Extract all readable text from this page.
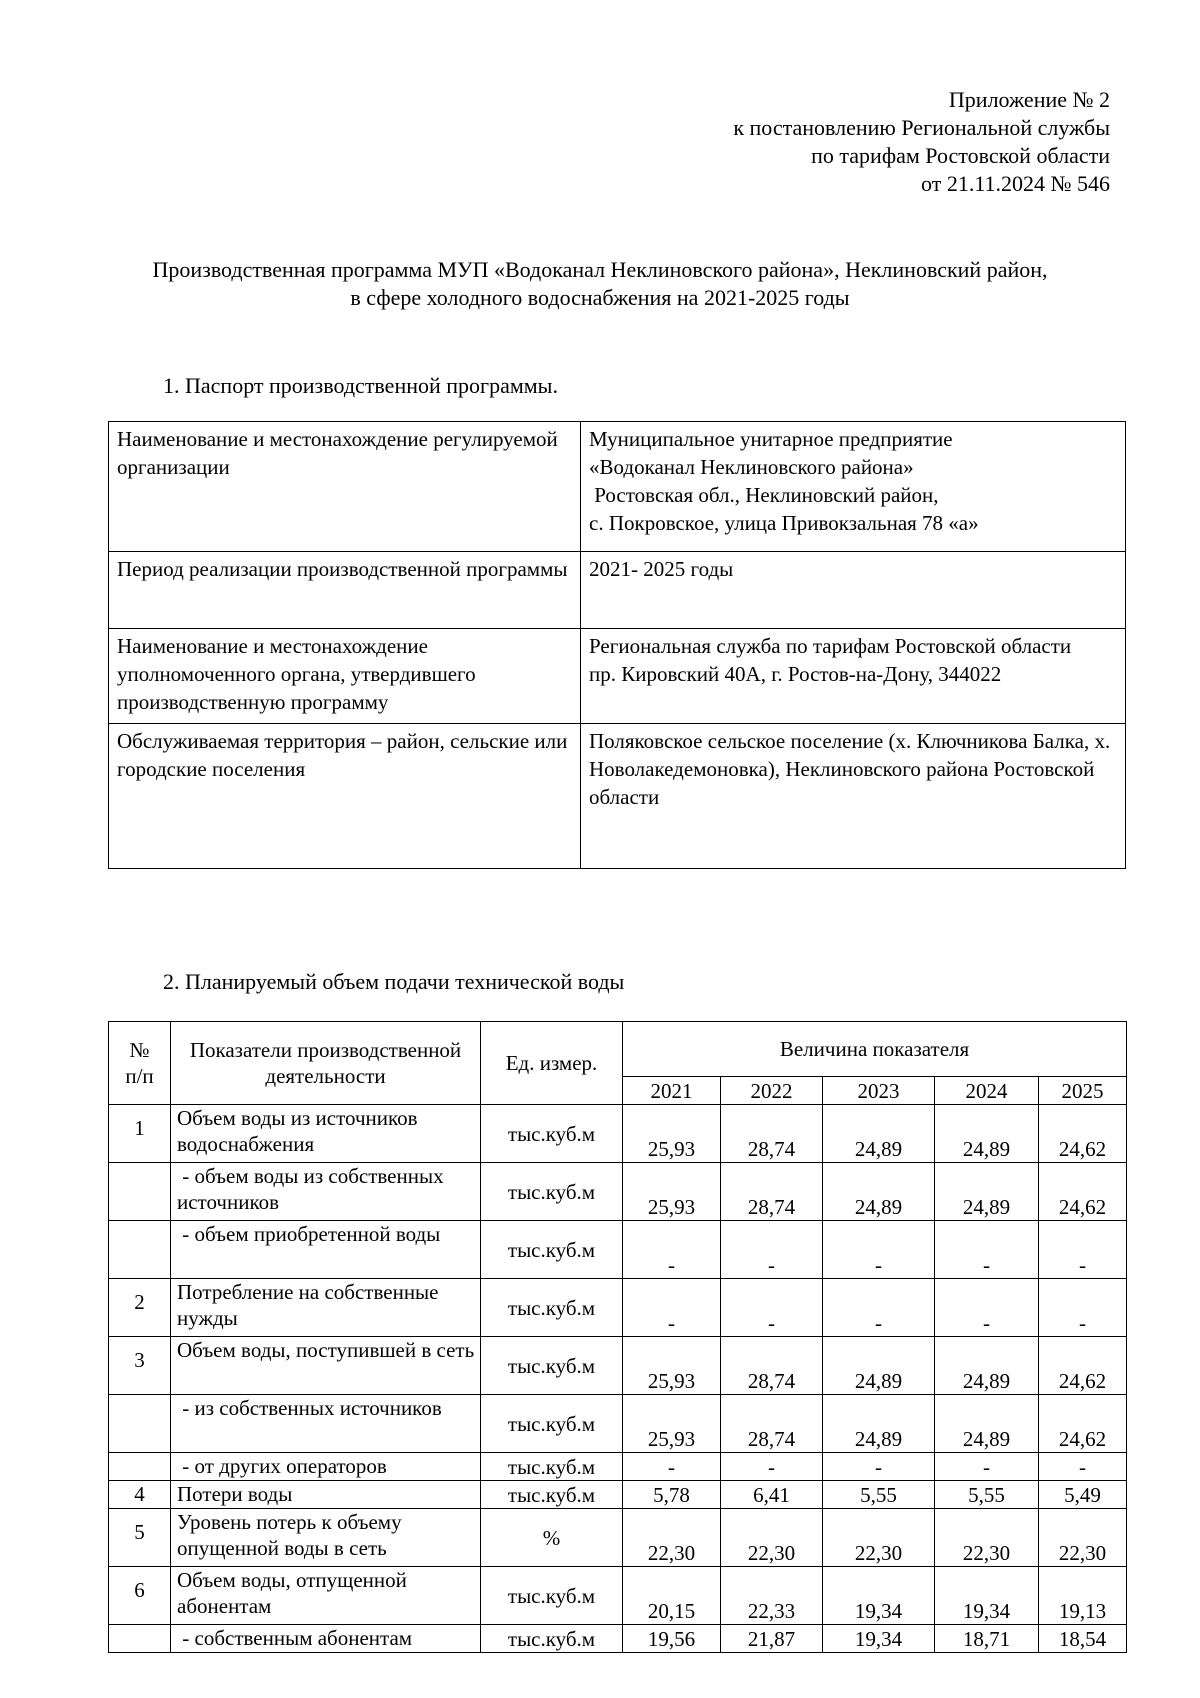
Приложение № 2
к постановлению Региональной службы
по тарифам Ростовской области
от 21.11.2024 № 546
Производственная программа МУП «Водоканал Неклиновского района», Неклиновский район,
в сфере холодного водоснабжения на 2021-2025 годы
1. Паспорт производственной программы.
Наименование и местонахождение регулируемой организации	Муниципальное унитарное предприятие
«Водоканал Неклиновского района»
Ростовская обл., Неклиновский район,
с. Покровское, улица Привокзальная 78 «а»
Период реализации производственной программы	2021- 2025 годы
Наименование и местонахождение уполномоченного органа, утвердившего производственную программу	Региональная служба по тарифам Ростовской области
пр. Кировский 40А, г. Ростов-на-Дону, 344022
Обслуживаемая территория – район, сельские или городские поселения	Поляковское сельское поселение (х. Ключникова Балка, х. Новолакедемоновка), Неклиновского района Ростовской области
2. Планируемый объем подачи технической воды
№
п/п	Показатели производственной деятельности	Ед. измер.	Величина показателя				
			2021	2022	2023	2024	2025
1	Объем воды из источников водоснабжения	тыс.куб.м	25,93	28,74	24,89	24,89	24,62
	- объем воды из собственных источников	тыс.куб.м	25,93	28,74	24,89	24,89	24,62
	- объем приобретенной воды	тыс.куб.м	-	-	-	-	-
2	Потребление на собственные нужды	тыс.куб.м	-	-	-	-	-
3	Объем воды, поступившей в сеть	тыс.куб.м	25,93	28,74	24,89	24,89	24,62
	- из собственных источников	тыс.куб.м	25,93	28,74	24,89	24,89	24,62
	- от других операторов	тыс.куб.м	-	-	-	-	-
4	Потери воды	тыс.куб.м	5,78	6,41	5,55	5,55	5,49
5	Уровень потерь к объему опущенной воды в сеть	%	22,30	22,30	22,30	22,30	22,30
6	Объем воды, отпущенной абонентам	тыс.куб.м	20,15	22,33	19,34	19,34	19,13
	- собственным абонентам	тыс.куб.м	19,56	21,87	19,34	18,71	18,54
